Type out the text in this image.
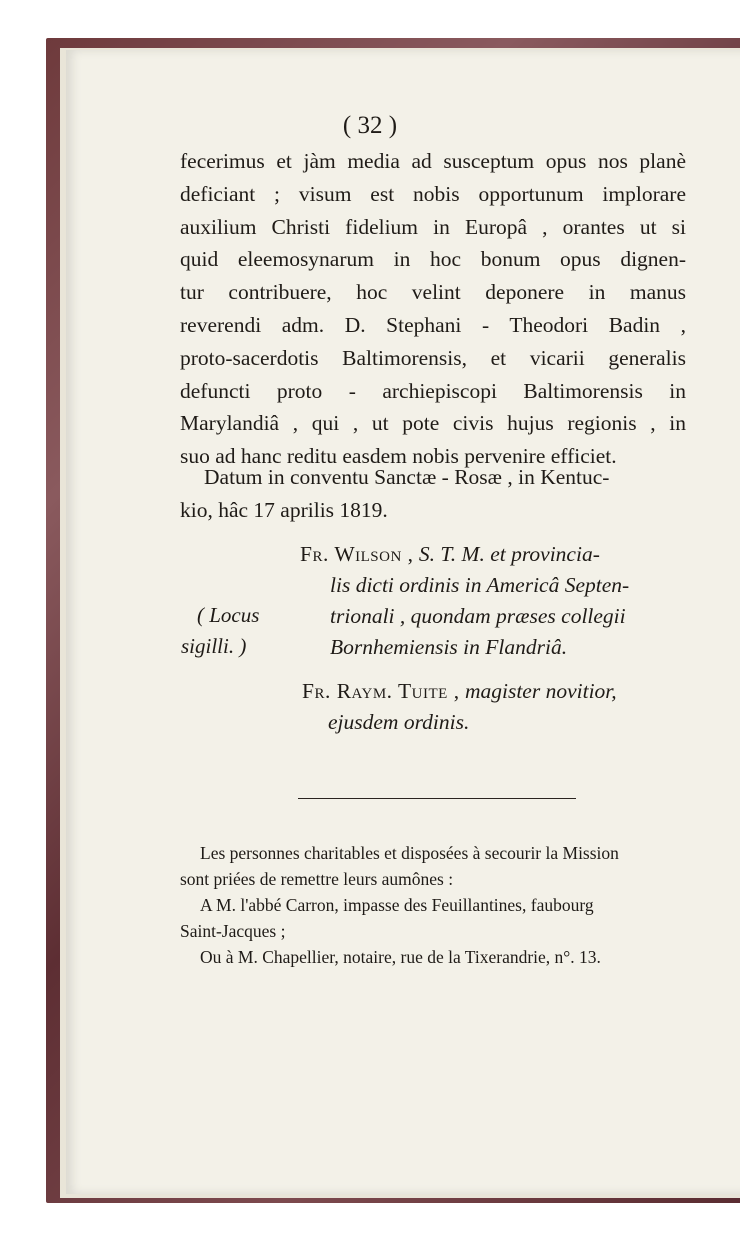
( 32 )
fecerimus et jàm media ad susceptum opus nos planè
deficiant ; visum est nobis opportunum implorare
auxilium Christi fidelium in Europâ , orantes ut si
quid eleemosynarum in hoc bonum opus dignen-
tur contribuere, hoc velint deponere in manus
reverendi adm. D. Stephani - Theodori Badin ,
proto-sacerdotis Baltimorensis, et vicarii generalis
defuncti proto - archiepiscopi Baltimorensis in
Marylandiâ , qui , ut pote civis hujus regionis , in
suo ad hanc reditu easdem nobis pervenire efficiet.
Datum in conventu Sanctæ - Rosæ , in Kentuc-
kio, hâc 17 aprilis 1819.
Fr. Wilson , S. T. M. et provincia-
lis dicti ordinis in Americâ Septen-
trionali , quondam præses collegii
Bornhemiensis in Flandriâ.
( Locus
sigilli. )
Fr. Raym. Tuite , magister novitior,
ejusdem ordinis.
Les personnes charitables et disposées à secourir la Mission
sont priées de remettre leurs aumônes :
A M. l'abbé Carron, impasse des Feuillantines, faubourg
Saint-Jacques ;
Ou à M. Chapellier, notaire, rue de la Tixerandrie, n°. 13.
